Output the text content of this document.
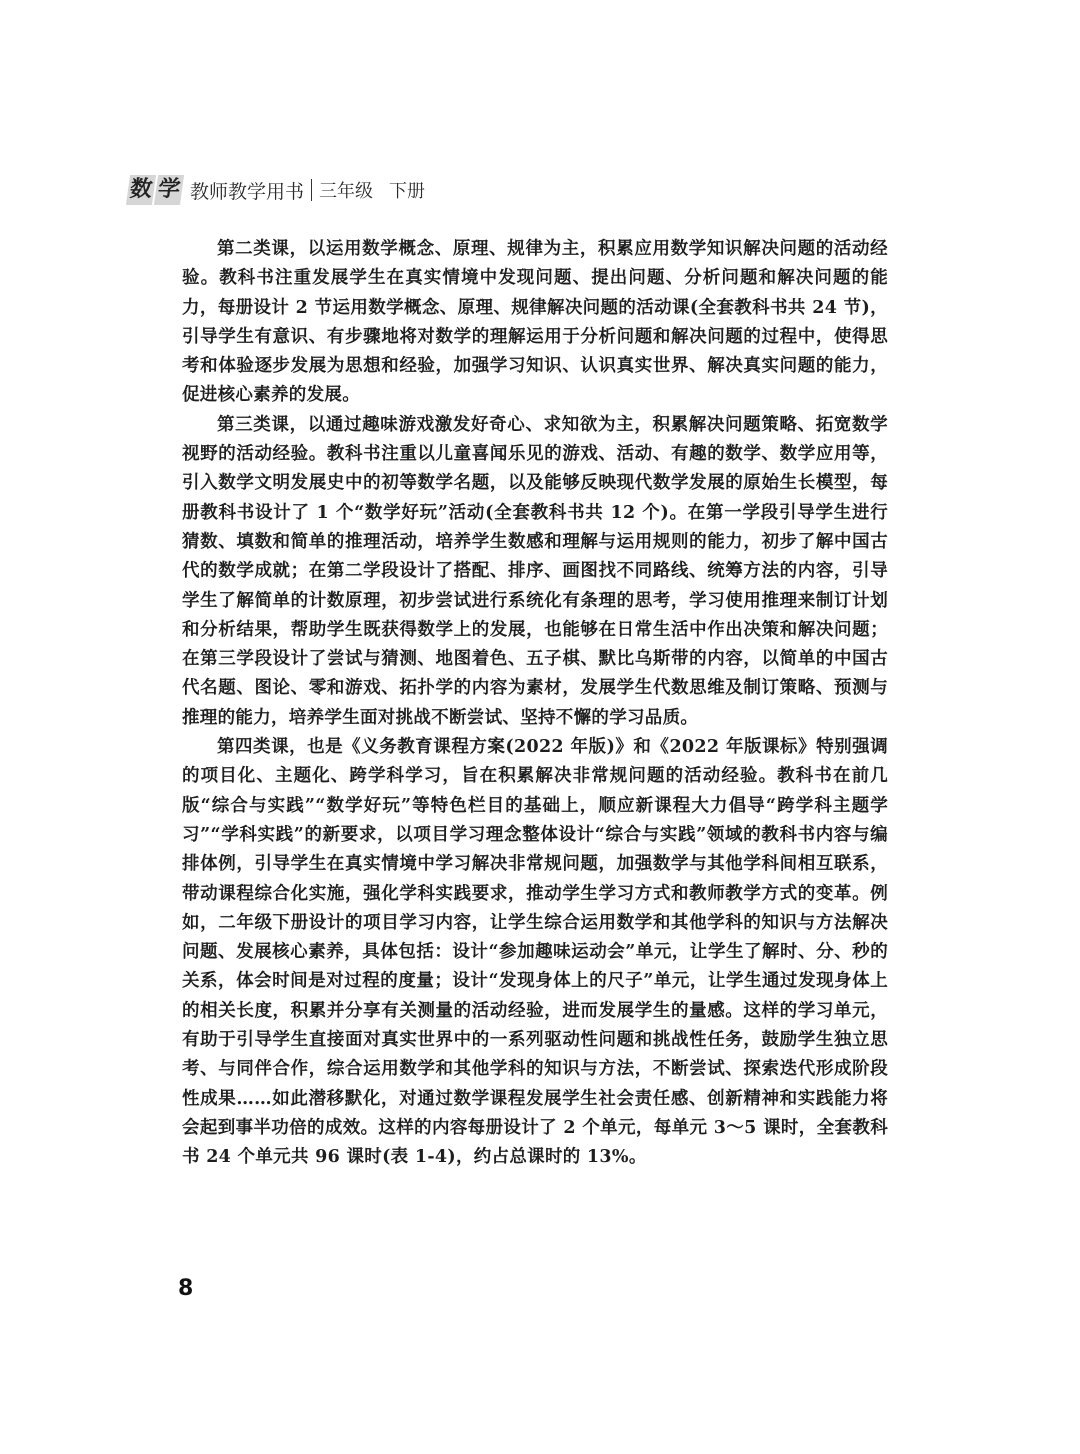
数 学 教师教学用书 三年级 下册

第二类课，以运用数学概念、原理、规律为主，积累应用数学知识解决问题的活动经验。教科书注重发展学生在真实情境中发现问题、提出问题、分析问题和解决问题的能力，每册设计 2 节运用数学概念、原理、规律解决问题的活动课(全套教科书共 24 节)，引导学生有意识、有步骤地将对数学的理解运用于分析问题和解决问题的过程中，使得思考和体验逐步发展为思想和经验，加强学习知识、认识真实世界、解决真实问题的能力，促进核心素养的发展。

第三类课，以通过趣味游戏激发好奇心、求知欲为主，积累解决问题策略、拓宽数学视野的活动经验。教科书注重以儿童喜闻乐见的游戏、活动、有趣的数学、数学应用等，引入数学文明发展史中的初等数学名题，以及能够反映现代数学发展的原始生长模型，每册教科书设计了 1 个“数学好玩”活动(全套教科书共 12 个)。在第一学段引导学生进行猜数、填数和简单的推理活动，培养学生数感和理解与运用规则的能力，初步了解中国古代的数学成就；在第二学段设计了搭配、排序、画图找不同路线、统筹方法的内容，引导学生了解简单的计数原理，初步尝试进行系统化有条理的思考，学习使用推理来制订计划和分析结果，帮助学生既获得数学上的发展，也能够在日常生活中作出决策和解决问题；在第三学段设计了尝试与猜测、地图着色、五子棋、默比乌斯带的内容，以简单的中国古代名题、图论、零和游戏、拓扑学的内容为素材，发展学生代数思维及制订策略、预测与推理的能力，培养学生面对挑战不断尝试、坚持不懈的学习品质。

第四类课，也是《义务教育课程方案(2022 年版)》和《2022 年版课标》特别强调的项目化、主题化、跨学科学习，旨在积累解决非常规问题的活动经验。教科书在前几版“综合与实践”“数学好玩”等特色栏目的基础上，顺应新课程大力倡导“跨学科主题学习”“学科实践”的新要求，以项目学习理念整体设计“综合与实践”领域的教科书内容与编排体例，引导学生在真实情境中学习解决非常规问题，加强数学与其他学科间相互联系，带动课程综合化实施，强化学科实践要求，推动学生学习方式和教师教学方式的变革。例如，二年级下册设计的项目学习内容，让学生综合运用数学和其他学科的知识与方法解决问题、发展核心素养，具体包括：设计“参加趣味运动会”单元，让学生了解时、分、秒的关系，体会时间是对过程的度量；设计“发现身体上的尺子”单元，让学生通过发现身体上的相关长度，积累并分享有关测量的活动经验，进而发展学生的量感。这样的学习单元，有助于引导学生直接面对真实世界中的一系列驱动性问题和挑战性任务，鼓励学生独立思考、与同伴合作，综合运用数学和其他学科的知识与方法，不断尝试、探索迭代形成阶段性成果……如此潜移默化，对通过数学课程发展学生社会责任感、创新精神和实践能力将会起到事半功倍的成效。这样的内容每册设计了 2 个单元，每单元 3～5 课时，全套教科书 24 个单元共 96 课时(表 1-4)，约占总课时的 13%。

8
